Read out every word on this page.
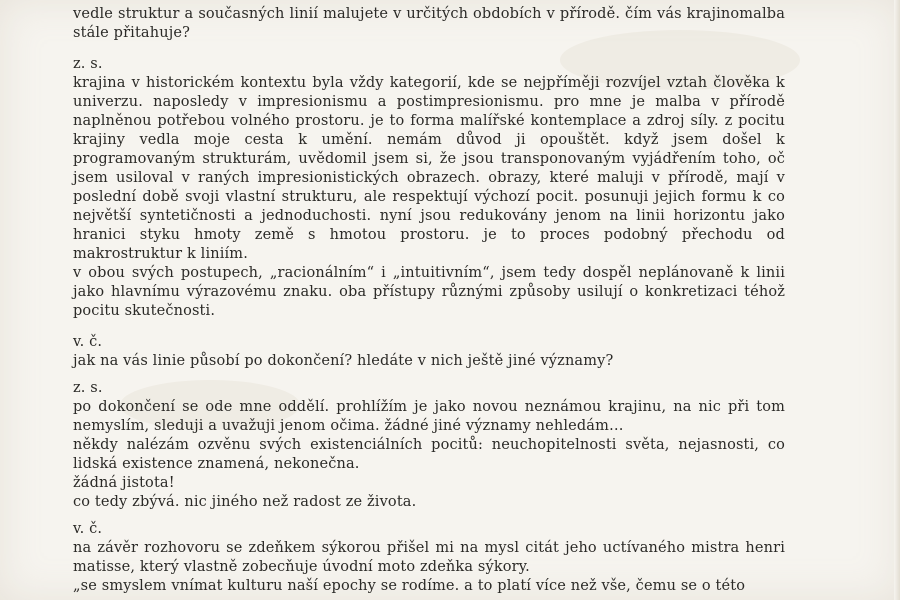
vedle struktur a současných linií malujete v určitých obdobích v přírodě. čím vás krajinomalba stále přitahuje?

z. s.

krajina v historickém kontextu byla vždy kategorií, kde se nejpříměji rozvíjel vztah člověka k univerzu. naposledy v impresionismu a postimpresionismu. pro mne je malba v přírodě naplněnou potřebou volného prostoru. je to forma malířské kontemplace a zdroj síly. z pocitu krajiny vedla moje cesta k umění. nemám důvod ji opouštět. když jsem došel k programovaným strukturám, uvědomil jsem si, že jsou transponovaným vyjádřením toho, oč jsem usiloval v raných impresionistických obrazech. obrazy, které maluji v přírodě, mají v poslední době svoji vlastní strukturu, ale respektují výchozí pocit. posunuji jejich formu k co největší syntetičnosti a jednoduchosti. nyní jsou redukovány jenom na linii horizontu jako hranici styku hmoty země s hmotou prostoru. je to proces podobný přechodu od makrostruktur k liniím.

v obou svých postupech, „racionálním“ i „intuitivním“, jsem tedy dospěl neplánovaně k linii jako hlavnímu výrazovému znaku. oba přístupy různými způsoby usilují o konkretizaci téhož pocitu skutečnosti.

v. č.

jak na vás linie působí po dokončení? hledáte v nich ještě jiné významy?

z. s.

po dokončení se ode mne oddělí. prohlížím je jako novou neznámou krajinu, na nic při tom nemyslím, sleduji a uvažuji jenom očima. žádné jiné významy nehledám…

někdy nalézám ozvěnu svých existenciálních pocitů: neuchopitelnosti světa, nejasnosti, co lidská existence znamená, nekonečna.

žádná jistota!

co tedy zbývá. nic jiného než radost ze života.

v. č.

na závěr rozhovoru se zdeňkem sýkorou přišel mi na mysl citát jeho uctívaného mistra henri matisse, který vlastně zobecňuje úvodní moto zdeňka sýkory.

„se smyslem vnímat kulturu naší epochy se rodíme. a to platí více než vše, čemu se o této
